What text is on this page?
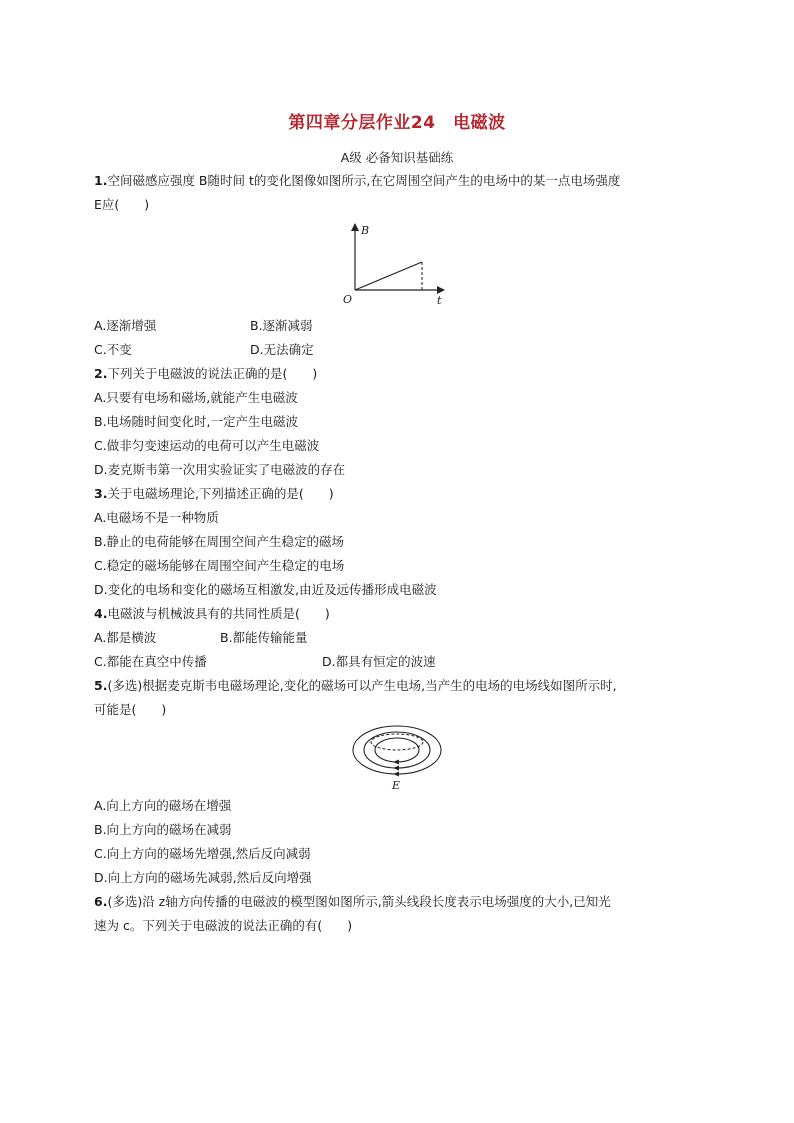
第四章分层作业24　电磁波
A级 必备知识基础练
1.空间磁感应强度 B随时间 t的变化图像如图所示,在它周围空间产生的电场中的某一点电场强度
E应(　　)
B
t
O
A.逐渐增强	B.逐渐减弱
C.不变	D.无法确定
2.下列关于电磁波的说法正确的是(　　)
A.只要有电场和磁场,就能产生电磁波
B.电场随时间变化时,一定产生电磁波
C.做非匀变速运动的电荷可以产生电磁波
D.麦克斯韦第一次用实验证实了电磁波的存在
3.关于电磁场理论,下列描述正确的是(　　)
A.电磁场不是一种物质
B.静止的电荷能够在周围空间产生稳定的磁场
C.稳定的磁场能够在周围空间产生稳定的电场
D.变化的电场和变化的磁场互相激发,由近及远传播形成电磁波
4.电磁波与机械波具有的共同性质是(　　)
A.都是横波	B.都能传输能量
C.都能在真空中传播	D.都具有恒定的波速
5.(多选)根据麦克斯韦电磁场理论,变化的磁场可以产生电场,当产生的电场的电场线如图所示时,
可能是(　　)
E
A.向上方向的磁场在增强
B.向上方向的磁场在减弱
C.向上方向的磁场先增强,然后反向减弱
D.向上方向的磁场先减弱,然后反向增强
6.(多选)沿 z轴方向传播的电磁波的模型图如图所示,箭头线段长度表示电场强度的大小,已知光
速为 c。下列关于电磁波的说法正确的有(　　)
